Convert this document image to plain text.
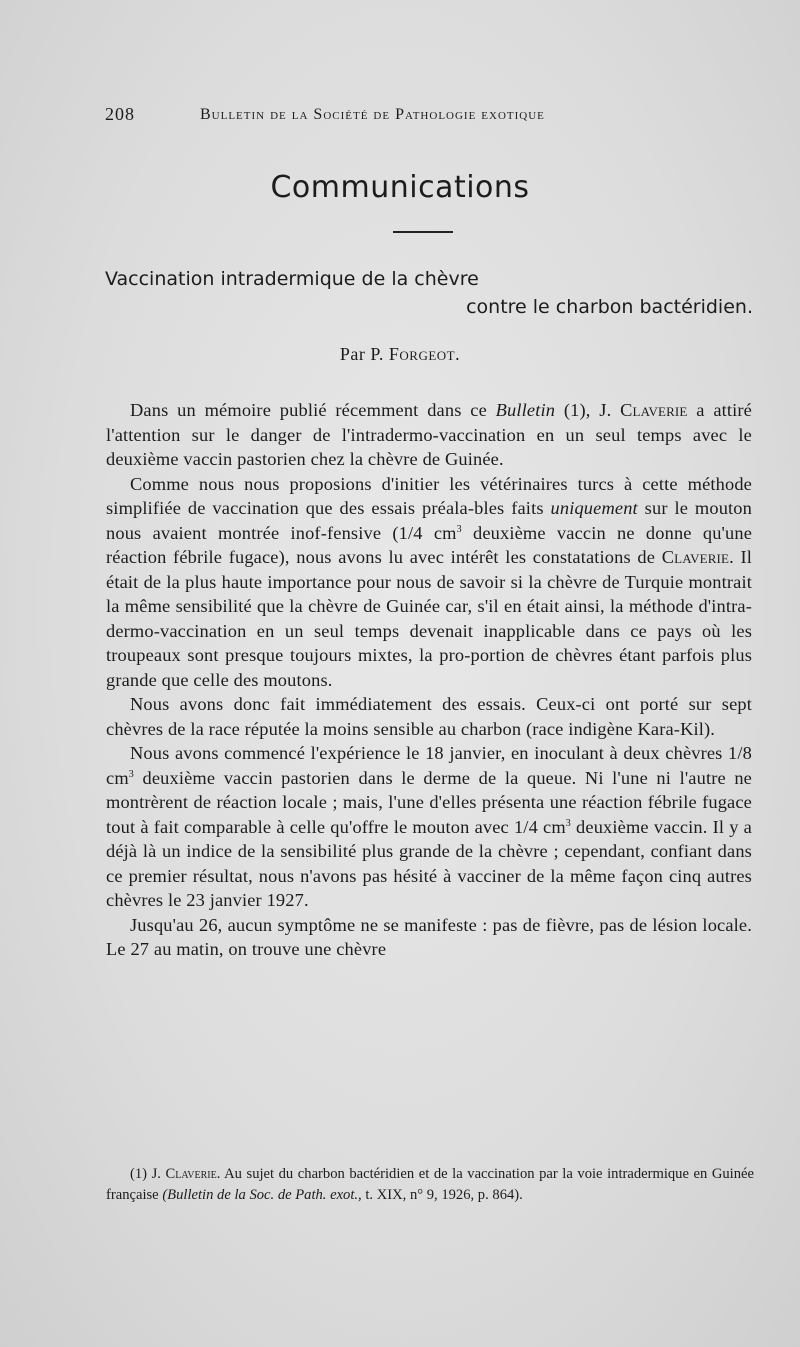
208	Bulletin de la Société de Pathologie exotique
Communications
Vaccination intradermique de la chèvre
contre le charbon bactéridien.
Par P. Forgeot.

Dans un mémoire publié récemment dans ce Bulletin (1), J. Claverie a attiré l'attention sur le danger de l'intradermo-vaccination en un seul temps avec le deuxième vaccin pastorien chez la chèvre de Guinée.

Comme nous nous proposions d'initier les vétérinaires turcs à cette méthode simplifiée de vaccination que des essais préala-bles faits uniquement sur le mouton nous avaient montrée inof-fensive (1/4 $cm^3$ deuxième vaccin ne donne qu'une réaction fébrile fugace), nous avons lu avec intérêt les constatations de Claverie. Il était de la plus haute importance pour nous de savoir si la chèvre de Turquie montrait la même sensibilité que la chèvre de Guinée car, s'il en était ainsi, la méthode d'intra-dermo-vaccination en un seul temps devenait inapplicable dans ce pays où les troupeaux sont presque toujours mixtes, la pro-portion de chèvres étant parfois plus grande que celle des moutons.

Nous avons donc fait immédiatement des essais. Ceux-ci ont porté sur sept chèvres de la race réputée la moins sensible au charbon (race indigène Kara-Kil).

Nous avons commencé l'expérience le 18 janvier, en inoculant à deux chèvres 1/8 $cm^3$ deuxième vaccin pastorien dans le derme de la queue. Ni l'une ni l'autre ne montrèrent de réaction locale ; mais, l'une d'elles présenta une réaction fébrile fugace tout à fait comparable à celle qu'offre le mouton avec 1/4 $cm^3$ deuxième vaccin. Il y a déjà là un indice de la sensibilité plus grande de la chèvre ; cependant, confiant dans ce premier résultat, nous n'avons pas hésité à vacciner de la même façon cinq autres chèvres le 23 janvier 1927.

Jusqu'au 26, aucun symptôme ne se manifeste : pas de fièvre, pas de lésion locale. Le 27 au matin, on trouve une chèvre

(1) J. Claverie. Au sujet du charbon bactéridien et de la vaccination par la voie intradermique en Guinée française (Bulletin de la Soc. de Path. exot., t. XIX, n° 9, 1926, p. 864).
